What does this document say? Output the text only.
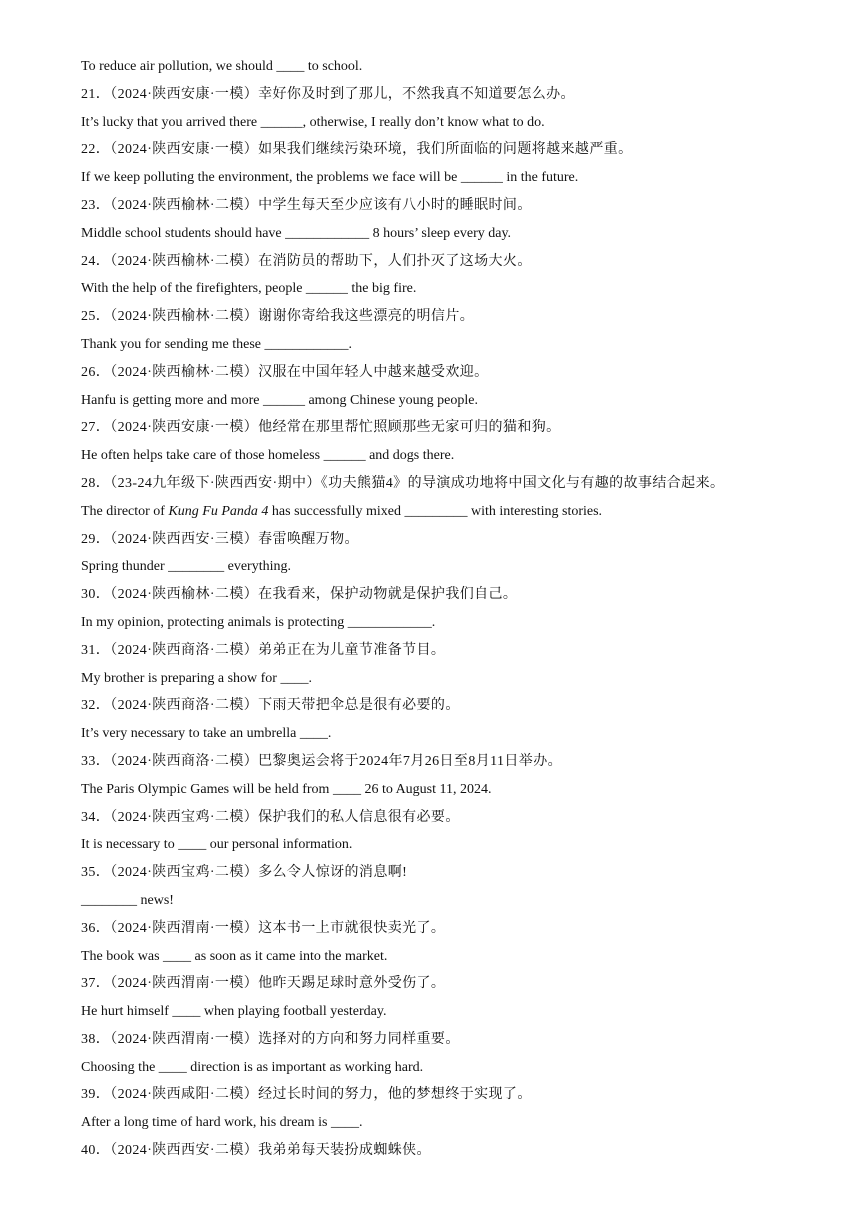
To reduce air pollution, we should ____ to school.
21．（2024·陕西安康·一模）幸好你及时到了那儿，不然我真不知道要怎么办。
It’s lucky that you arrived there ______, otherwise, I really don’t know what to do.
22．（2024·陕西安康·一模）如果我们继续污染环境，我们所面临的问题将越来越严重。
If we keep polluting the environment, the problems we face will be ______ in the future.
23．（2024·陕西榆林·二模）中学生每天至少应该有八小时的睡眠时间。
Middle school students should have ____________ 8 hours’ sleep every day.
24．（2024·陕西榆林·二模）在消防员的帮助下，人们扑灭了这场大火。
With the help of the firefighters, people ______ the big fire.
25．（2024·陕西榆林·二模）谢谢你寄给我这些漂亮的明信片。
Thank you for sending me these ____________.
26．（2024·陕西榆林·二模）汉服在中国年轻人中越来越受欢迎。
Hanfu is getting more and more ______ among Chinese young people.
27．（2024·陕西安康·一模）他经常在那里帮忙照顾那些无家可归的猫和狗。
He often helps take care of those homeless ______ and dogs there.
28．（23-24九年级下·陕西西安·期中）《功夫熊猫4》的导演成功地将中国文化与有趣的故事结合起来。
The director of Kung Fu Panda 4 has successfully mixed _________ with interesting stories.
29．（2024·陕西西安·三模）春雷唤醒万物。
Spring thunder ________ everything.
30．（2024·陕西榆林·二模）在我看来，保护动物就是保护我们自己。
In my opinion, protecting animals is protecting ____________.
31．（2024·陕西商洛·二模）弟弟正在为儿童节准备节目。
My brother is preparing a show for ____.
32．（2024·陕西商洛·二模）下雨天带把伞总是很有必要的。
It’s very necessary to take an umbrella ____.
33．（2024·陕西商洛·二模）巴黎奥运会将于2024年7月26日至8月11日举办。
The Paris Olympic Games will be held from ____ 26 to August 11, 2024.
34．（2024·陕西宝鸡·二模）保护我们的私人信息很有必要。
It is necessary to ____ our personal information.
35．（2024·陕西宝鸡·二模）多么令人惊讶的消息啊!
________ news!
36．（2024·陕西渭南·一模）这本书一上市就很快卖光了。
The book was ____ as soon as it came into the market.
37．（2024·陕西渭南·一模）他昨天踢足球时意外受伤了。
He hurt himself ____ when playing football yesterday.
38．（2024·陕西渭南·一模）选择对的方向和努力同样重要。
Choosing the ____ direction is as important as working hard.
39．（2024·陕西咸阳·二模）经过长时间的努力，他的梦想终于实现了。
After a long time of hard work, his dream is ____.
40．（2024·陕西西安·二模）我弟弟每天装扮成蜘蛛侠。
